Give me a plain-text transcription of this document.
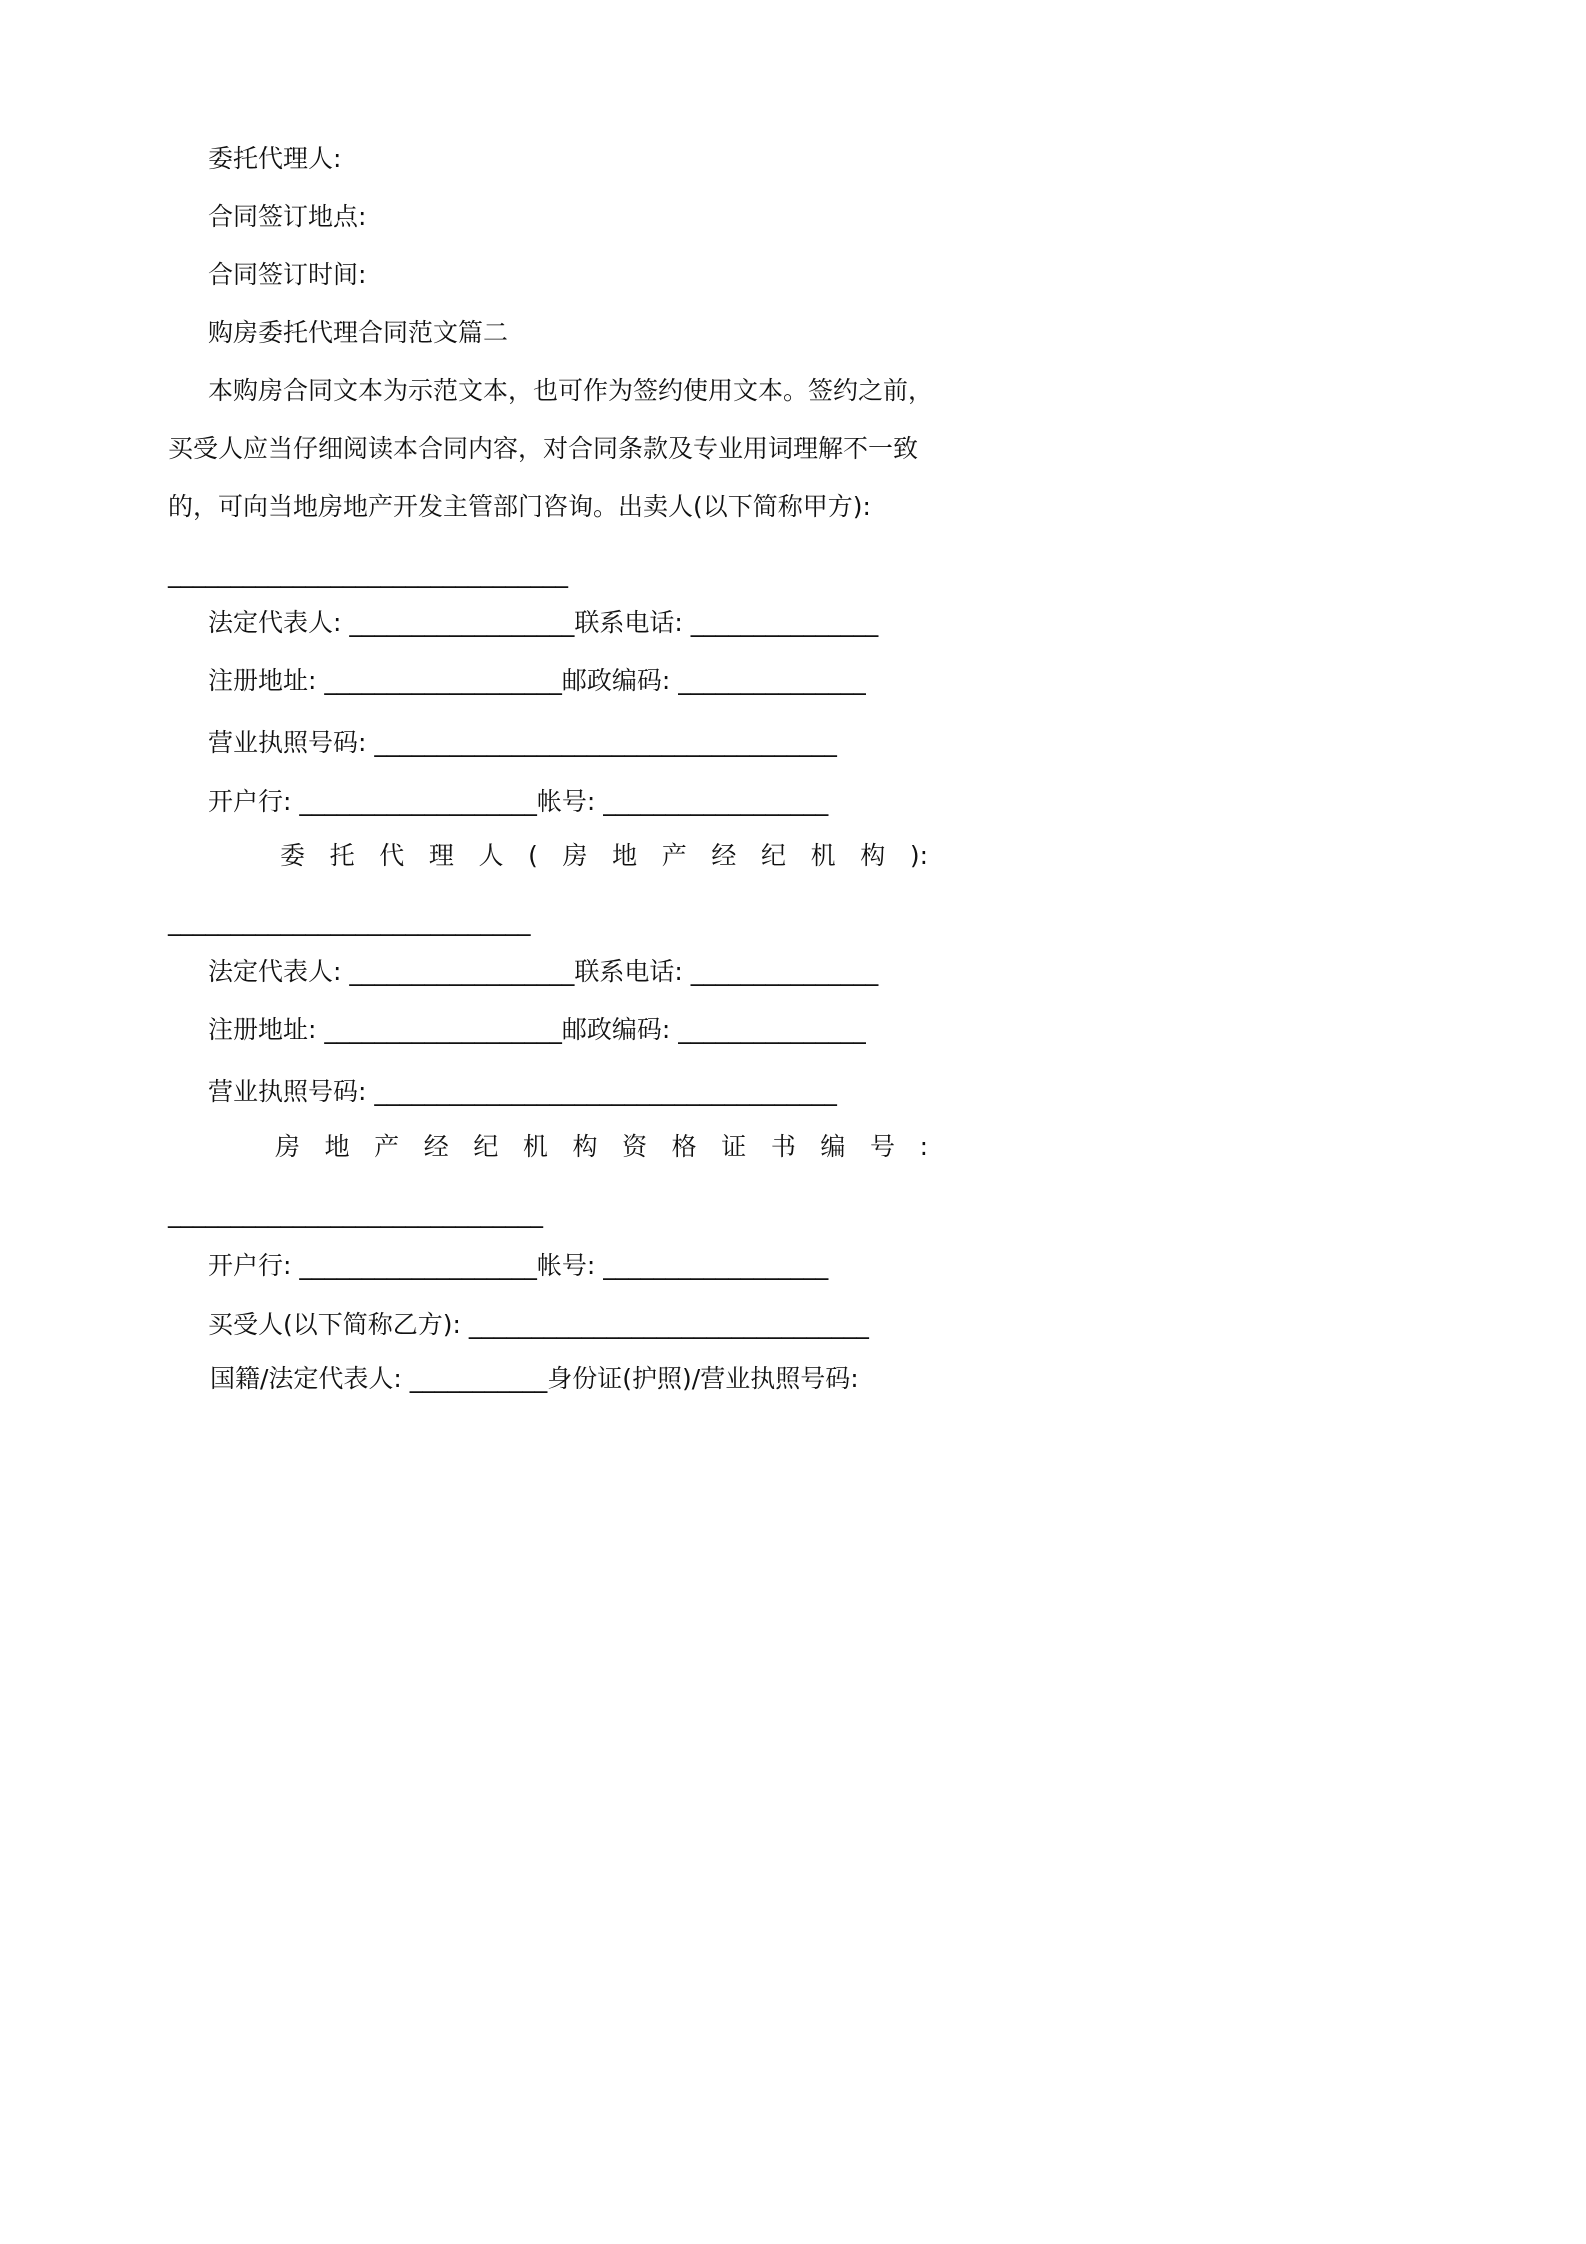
委托代理人:
合同签订地点:
合同签订时间:
购房委托代理合同范文篇二
本购房合同文本为示范文本，也可作为签约使用文本。签约之前，
买受人应当仔细阅读本合同内容，对合同条款及专业用词理解不一致
的，可向当地房地产开发主管部门咨询。出卖人(以下简称甲方):
________________________________
法定代表人: __________________联系电话: _______________
注册地址: ___________________邮政编码: _______________
营业执照号码: _____________________________________
开户行: ___________________帐号: __________________
委托代理人(房地产经纪机构):
_____________________________
法定代表人: __________________联系电话: _______________
注册地址: ___________________邮政编码: _______________
营业执照号码: _____________________________________
房地产经纪机构资格证书编号:
______________________________
开户行: ___________________帐号: __________________
买受人(以下简称乙方): ________________________________
国籍/法定代表人: ___________身份证(护照)/营业执照号码:
